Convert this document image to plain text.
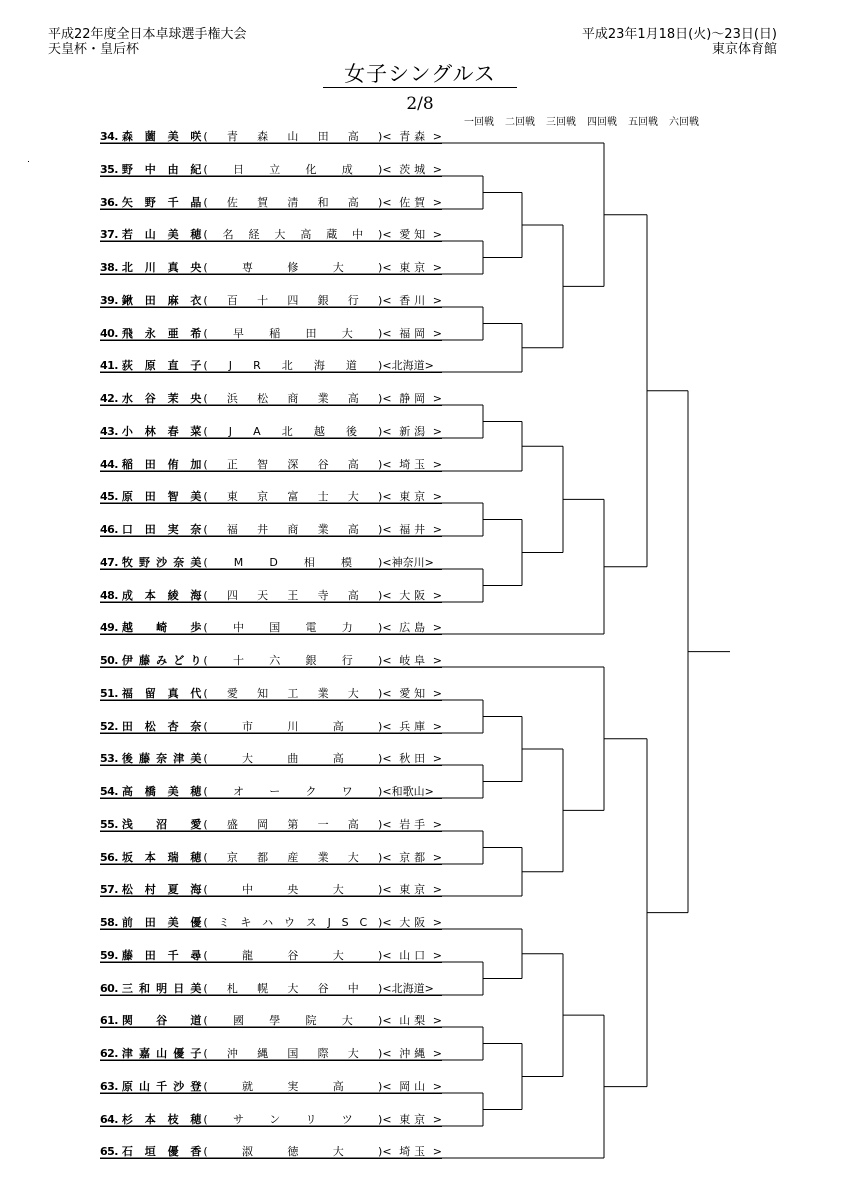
平成22年度全日本卓球選手権大会
天皇杯・皇后杯
平成23年1月18日(火)～23日(日)
東京体育館
女子シングルス
2/8
一回戦	二回戦	三回戦	四回戦	五回戦	六回戦
34. 森 薗 美 咲 ( 青 森 山 田 高 ) < 青 森 >
35. 野 中 由 紀 ( 日 立 化 成 ) < 茨 城 >
36. 矢 野 千 晶 ( 佐 賀 清 和 高 ) < 佐 賀 >
37. 若 山 美 穂 ( 名 経 大 高 蔵 中 ) < 愛 知 >
38. 北 川 真 央 (	専	修	大	) < 東 京 >
39. 鍬 田 麻 衣 ( 百 十 四 銀 行 ) < 香 川 >
40. 飛 永 亜 希 ( 早 稲 田 大 ) < 福 岡 >
41. 荻 原 直 子 ( J R 北 海 道 ) <北海道>
42. 水 谷 茉 央 ( 浜 松 商 業 高 ) < 静 岡 >
43. 小 林 春 菜 ( J A 北 越 後 ) < 新 潟 >
44. 稲 田 侑 加 ( 正 智 深 谷 高 ) < 埼 玉 >
45. 原 田 智 美 ( 東 京 富 士 大 ) < 東 京 >
46. 口 田 実 奈 ( 福 井 商 業 高 ) < 福 井 >
47. 牧 野 沙 奈 美 ( M D 相 模 ) <神奈川>
48. 成 本 綾 海 ( 四 天 王 寺 高 ) < 大 阪 >
49. 越 崎 歩 ( 中 国 電 力 ) < 広 島 >
50. 伊 藤 み ど り ( 十 六 銀 行 ) < 岐 阜 >
51. 福 留 真 代 ( 愛 知 工 業 大 ) < 愛 知 >
52. 田 松 杏 奈 (	市	川	高	) < 兵 庫 >
53. 後 藤 奈 津 美 (	大	曲	高	) < 秋 田 >
54. 高 橋 美 穂 ( オ ー ク ワ ) <和歌山>
55. 浅 沼 愛 ( 盛 岡 第 一 高 ) < 岩 手 >
56. 坂 本 瑞 穂 ( 京 都 産 業 大 ) < 京 都 >
57. 松 村 夏 海 (	中	央	大	) < 東 京 >
58. 前 田 美 優 ( ミ キ ハ ウ ス J S C ) < 大 阪 >
59. 藤 田 千 尋 (	龍	谷	大	) < 山 口 >
60. 三 和 明 日 美 ( 札 幌 大 谷 中 ) <北海道>
61. 関 谷 道 ( 國 學 院 大 ) < 山 梨 >
62. 津 嘉 山 優 子 ( 沖 縄 国 際 大 ) < 沖 縄 >
63. 原 山 千 沙 登 (	就	実	高	) < 岡 山 >
64. 杉 本 枝 穂 ( サ ン リ ツ ) < 東 京 >
65. 石 垣 優 香 (	淑	徳	大	) < 埼 玉 >
